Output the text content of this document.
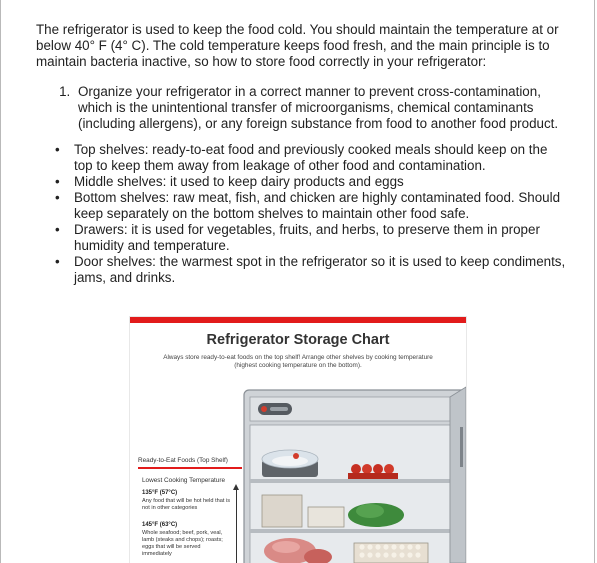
The refrigerator is used to keep the food cold. You should maintain the temperature at or below 40° F (4° C). The cold temperature keeps food fresh, and the main principle is to maintain bacteria inactive, so how to store food correctly in your refrigerator:

1. Organize your refrigerator in a correct manner to prevent cross-contamination, which is the unintentional transfer of microorganisms, chemical contaminants (including allergens), or any foreign substance from food to another food product.
• Top shelves: ready-to-eat food and previously cooked meals should keep on the top to keep them away from leakage of other food and contamination.
• Middle shelves: it used to keep dairy products and eggs
• Bottom shelves: raw meat, fish, and chicken are highly contaminated food. Should keep separately on the bottom shelves to maintain other food safe.
• Drawers: it is used for vegetables, fruits, and herbs, to preserve them in proper humidity and temperature.
• Door shelves: the warmest spot in the refrigerator so it is used to keep condiments, jams, and drinks.
Refrigerator Storage Chart
Always store ready-to-eat foods on the top shelf! Arrange other shelves by cooking temperature
(highest cooking temperature on the bottom).
Ready-to-Eat Foods (Top Shelf)
Lowest Cooking Temperature
135°F (57°C)
Any food that will be hot held that is not in other categories
145°F (63°C)
Whole seafood; beef, pork, veal, lamb (steaks and chops); roasts; eggs that will be served immediately
